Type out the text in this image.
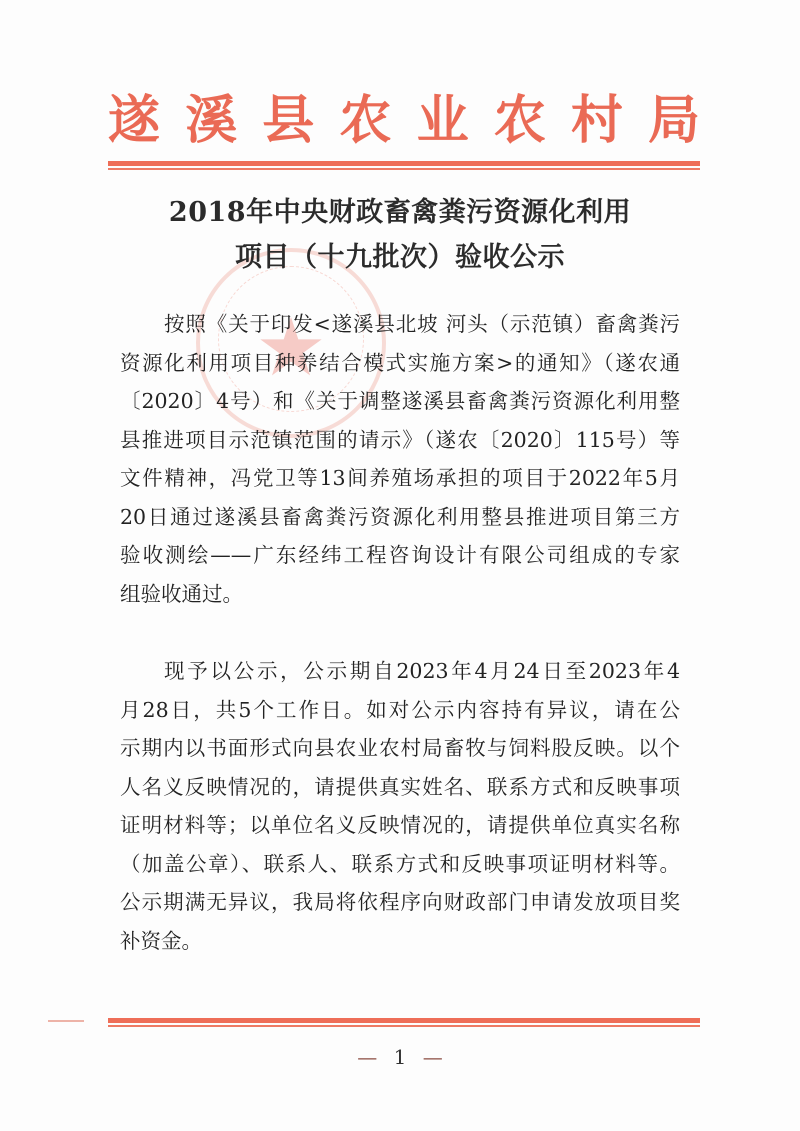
遂 溪 县 农 业 农 村 局
★
2018年中央财政畜禽粪污资源化利用
项目（十九批次）验收公示
按照《关于印发<遂溪县北坡 河头（示范镇）畜禽粪污
资源化利用项目种养结合模式实施方案>的通知》（遂农通
〔2020〕4号）和《关于调整遂溪县畜禽粪污资源化利用整
县推进项目示范镇范围的请示》（遂农〔2020〕115号）等
文件精神，冯党卫等13间养殖场承担的项目于2022年5月
20日通过遂溪县畜禽粪污资源化利用整县推进项目第三方
验收测绘——广东经纬工程咨询设计有限公司组成的专家
组验收通过。
现予以公示，公示期自2023年4月24日至2023年4
月28日，共5个工作日。如对公示内容持有异议，请在公
示期内以书面形式向县农业农村局畜牧与饲料股反映。以个
人名义反映情况的，请提供真实姓名、联系方式和反映事项
证明材料等；以单位名义反映情况的，请提供单位真实名称
（加盖公章）、联系人、联系方式和反映事项证明材料等。
公示期满无异议，我局将依程序向财政部门申请发放项目奖
补资金。
— 1 —
